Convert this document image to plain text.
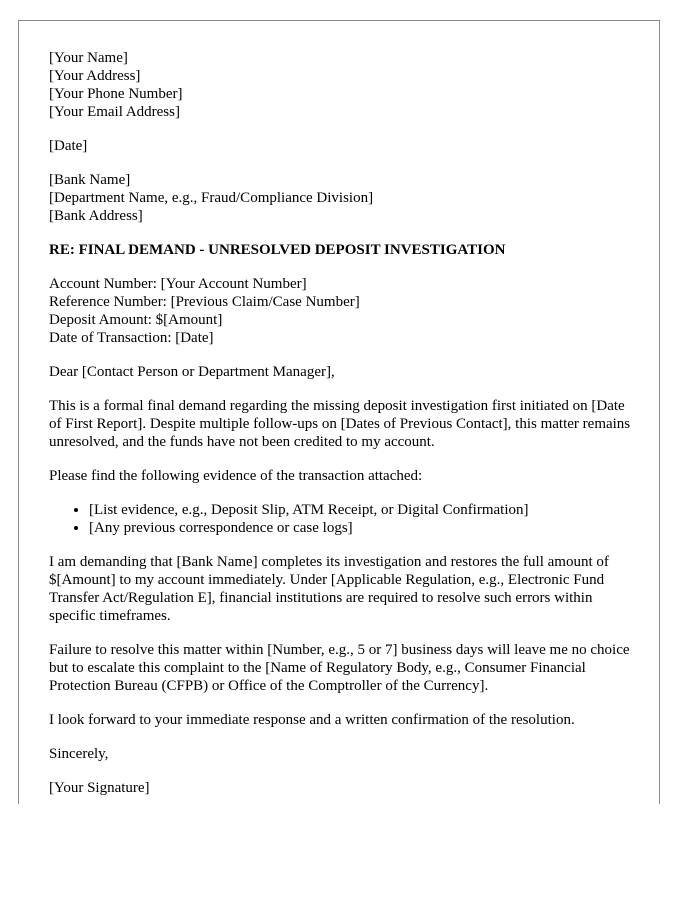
[Your Name]
[Your Address]
[Your Phone Number]
[Your Email Address]
[Date]
[Bank Name]
[Department Name, e.g., Fraud/Compliance Division]
[Bank Address]
RE: FINAL DEMAND - UNRESOLVED DEPOSIT INVESTIGATION
Account Number: [Your Account Number]
Reference Number: [Previous Claim/Case Number]
Deposit Amount: $[Amount]
Date of Transaction: [Date]

Dear [Contact Person or Department Manager],

This is a formal final demand regarding the missing deposit investigation first initiated on [Date of First Report]. Despite multiple follow-ups on [Dates of Previous Contact], this matter remains unresolved, and the funds have not been credited to my account.

Please find the following evidence of the transaction attached:

• [List evidence, e.g., Deposit Slip, ATM Receipt, or Digital Confirmation]
• [Any previous correspondence or case logs]

I am demanding that [Bank Name] completes its investigation and restores the full amount of $[Amount] to my account immediately. Under [Applicable Regulation, e.g., Electronic Fund Transfer Act/Regulation E], financial institutions are required to resolve such errors within specific timeframes.

Failure to resolve this matter within [Number, e.g., 5 or 7] business days will leave me no choice but to escalate this complaint to the [Name of Regulatory Body, e.g., Consumer Financial Protection Bureau (CFPB) or Office of the Comptroller of the Currency].

I look forward to your immediate response and a written confirmation of the resolution.

Sincerely,

[Your Signature]
